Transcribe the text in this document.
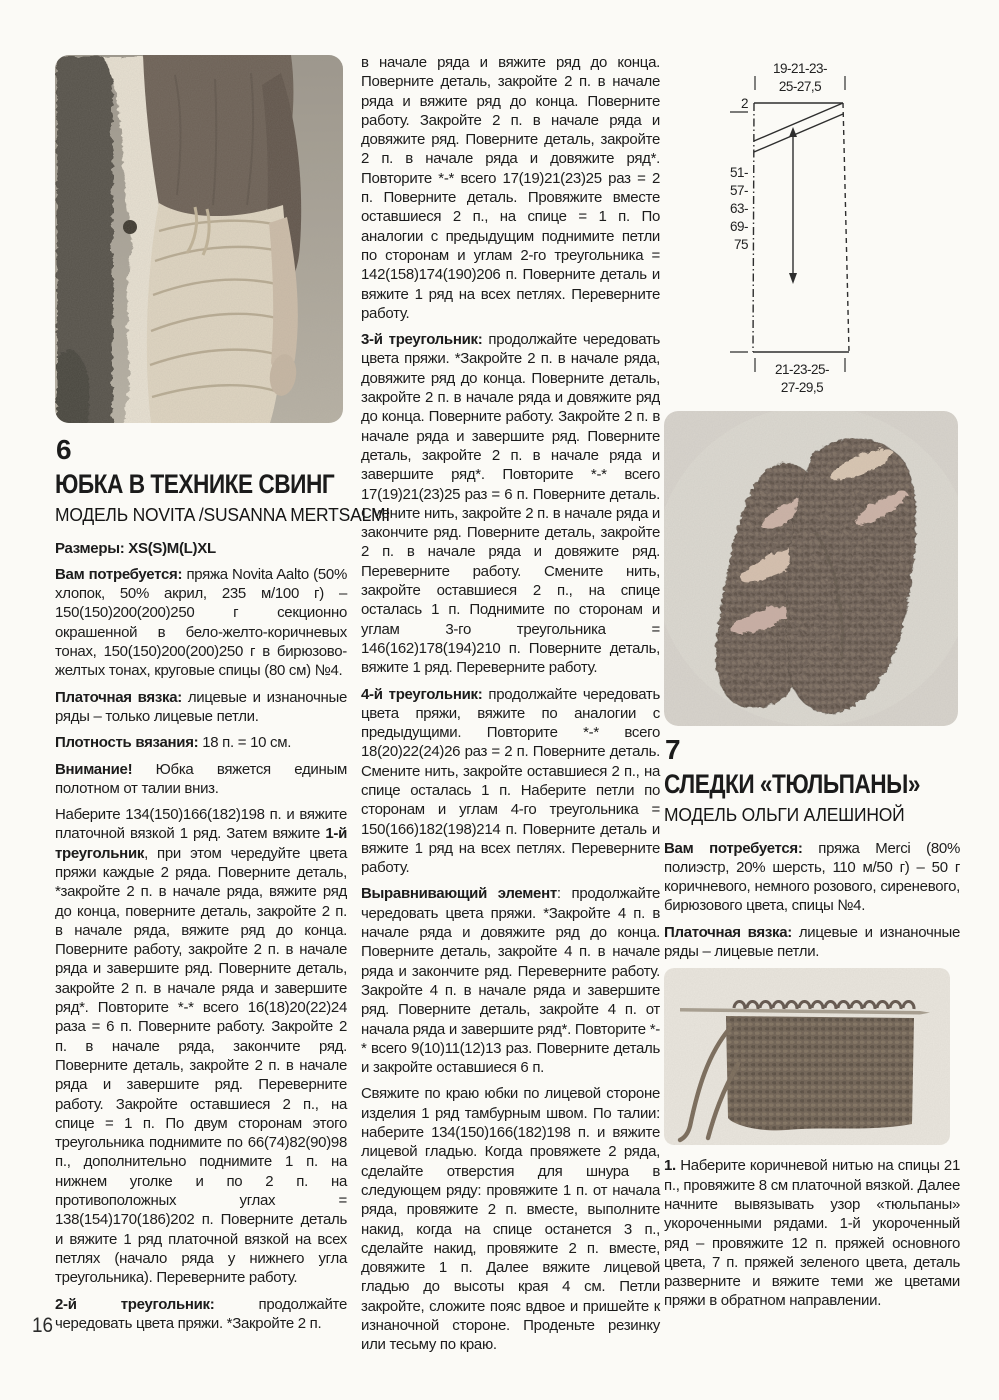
6
ЮБКА В ТЕХНИКЕ СВИНГ
МОДЕЛЬ NOVITA /SUSANNA MERTSALMI

Размеры: XS(S)M(L)XL

Вам потребуется: пряжа Novita Aalto (50% хлопок, 50% акрил, 235 м/100 г) – 150(150)200(200)250 г секционно окрашенной в бело-желто-коричневых тонах, 150(150)200(200)250 г в бирюзово-желтых тонах, круговые спицы (80 см) №4.

Платочная вязка: лицевые и изнаночные ряды – только лицевые петли.

Плотность вязания: 18 п. = 10 см.

Внимание! Юбка вяжется единым полотном от талии вниз.

Наберите 134(150)166(182)198 п. и вяжите платочной вязкой 1 ряд. Затем вяжите 1-й треугольник, при этом чередуйте цвета пряжи каждые 2 ряда. Поверните деталь, *закройте 2 п. в начале ряда, вяжите ряд до конца, поверните деталь, закройте 2 п. в начале ряда, вяжите ряд до конца. Поверните работу, закройте 2 п. в начале ряда и завершите ряд. Поверните деталь, закройте 2 п. в начале ряда и завершите ряд*. Повторите *-* всего 16(18)20(22)24 раза = 6 п. Поверните работу. Закройте 2 п. в начале ряда, закончите ряд. Поверните деталь, закройте 2 п. в начале ряда и завершите ряд. Переверните работу. Закройте оставшиеся 2 п., на спице = 1 п. По двум сторонам этого треугольника поднимите по 66(74)82(90)98 п., дополнительно поднимите 1 п. на нижнем уголке и по 2 п. на противоположных углах = 138(154)170(186)202 п. Поверните деталь и вяжите 1 ряд платочной вязкой на всех петлях (начало ряда у нижнего угла треугольника). Переверните работу.

2-й треугольник: продолжайте чередовать цвета пряжи. *Закройте 2 п.

в начале ряда и вяжите ряд до конца. Поверните деталь, закройте 2 п. в начале ряда и вяжите ряд до конца. Поверните работу. Закройте 2 п. в начале ряда и довяжите ряд. Поверните деталь, закройте 2 п. в начале ряда и довяжите ряд*. Повторите *-* всего 17(19)21(23)25 раз = 2 п. Поверните деталь. Провяжите вместе оставшиеся 2 п., на спице = 1 п. По аналогии с предыдущим поднимите петли по сторонам и углам 2-го треугольника = 142(158)174(190)206 п. Поверните деталь и вяжите 1 ряд на всех петлях. Переверните работу.

3-й треугольник: продолжайте чередовать цвета пряжи. *Закройте 2 п. в начале ряда, довяжите ряд до конца. Поверните деталь, закройте 2 п. в начале ряда и довяжите ряд до конца. Поверните работу. Закройте 2 п. в начале ряда и завершите ряд. Поверните деталь, закройте 2 п. в начале ряда и завершите ряд*. Повторите *-* всего 17(19)21(23)25 раз = 6 п. Поверните деталь. Смените нить, закройте 2 п. в начале ряда и закончите ряд. Поверните деталь, закройте 2 п. в начале ряда и довяжите ряд. Переверните работу. Смените нить, закройте оставшиеся 2 п., на спице осталась 1 п. Поднимите по сторонам и углам 3-го треугольника = 146(162)178(194)210 п. Поверните деталь, вяжите 1 ряд. Переверните работу.

4-й треугольник: продолжайте чередовать цвета пряжи, вяжите по аналогии с предыдущими. Повторите *-* всего 18(20)22(24)26 раз = 2 п. Поверните деталь. Смените нить, закройте оставшиеся 2 п., на спице осталась 1 п. Наберите петли по сторонам и углам 4-го треугольника = 150(166)182(198)214 п. Поверните деталь и вяжите 1 ряд на всех петлях. Переверните работу.

Выравнивающий элемент: продолжайте чередовать цвета пряжи. *Закройте 4 п. в начале ряда и довяжите ряд до конца. Поверните деталь, закройте 4 п. в начале ряда и закончите ряд. Переверните работу. Закройте 4 п. в начале ряда и завершите ряд. Поверните деталь, закройте 4 п. от начала ряда и завершите ряд*. Повторите *-* всего 9(10)11(12)13 раз. Поверните деталь и закройте оставшиеся 6 п.

Свяжите по краю юбки по лицевой стороне изделия 1 ряд тамбурным швом. По талии: наберите 134(150)166(182)198 п. и вяжите лицевой гладью. Когда провяжете 2 ряда, сделайте отверстия для шнура в следующем ряду: провяжите 1 п. от начала ряда, провяжите 2 п. вместе, выполните накид, когда на спице останется 3 п., сделайте накид, провяжите 2 п. вместе, довяжите 1 п. Далее вяжите лицевой гладью до высоты края 4 см. Петли закройте, сложите пояс вдвое и пришейте к изнаночной стороне. Проденьте резинку или тесьму по краю.

19-21-23-
25-27,5
2
51-
57-
63-
69-
75
21-23-25-
27-29,5
7
СЛЕДКИ «ТЮЛЬПАНЫ»
МОДЕЛЬ ОЛЬГИ АЛЕШИНОЙ

Вам потребуется: пряжа Merci (80% полиэстр, 20% шерсть, 110 м/50 г) – 50 г коричневого, немного розового, сиреневого, бирюзового цвета, спицы №4.

Платочная вязка: лицевые и изнаночные ряды – лицевые петли.

1. Наберите коричневой нитью на спицы 21 п., провяжите 8 см платочной вязкой. Далее начните вывязывать узор «тюльпаны» укороченными рядами. 1-й укороченный ряд – провяжите 12 п. пряжей основного цвета, 7 п. пряжей зеленого цвета, деталь разверните и вяжите теми же цветами пряжи в обратном направлении.

16
